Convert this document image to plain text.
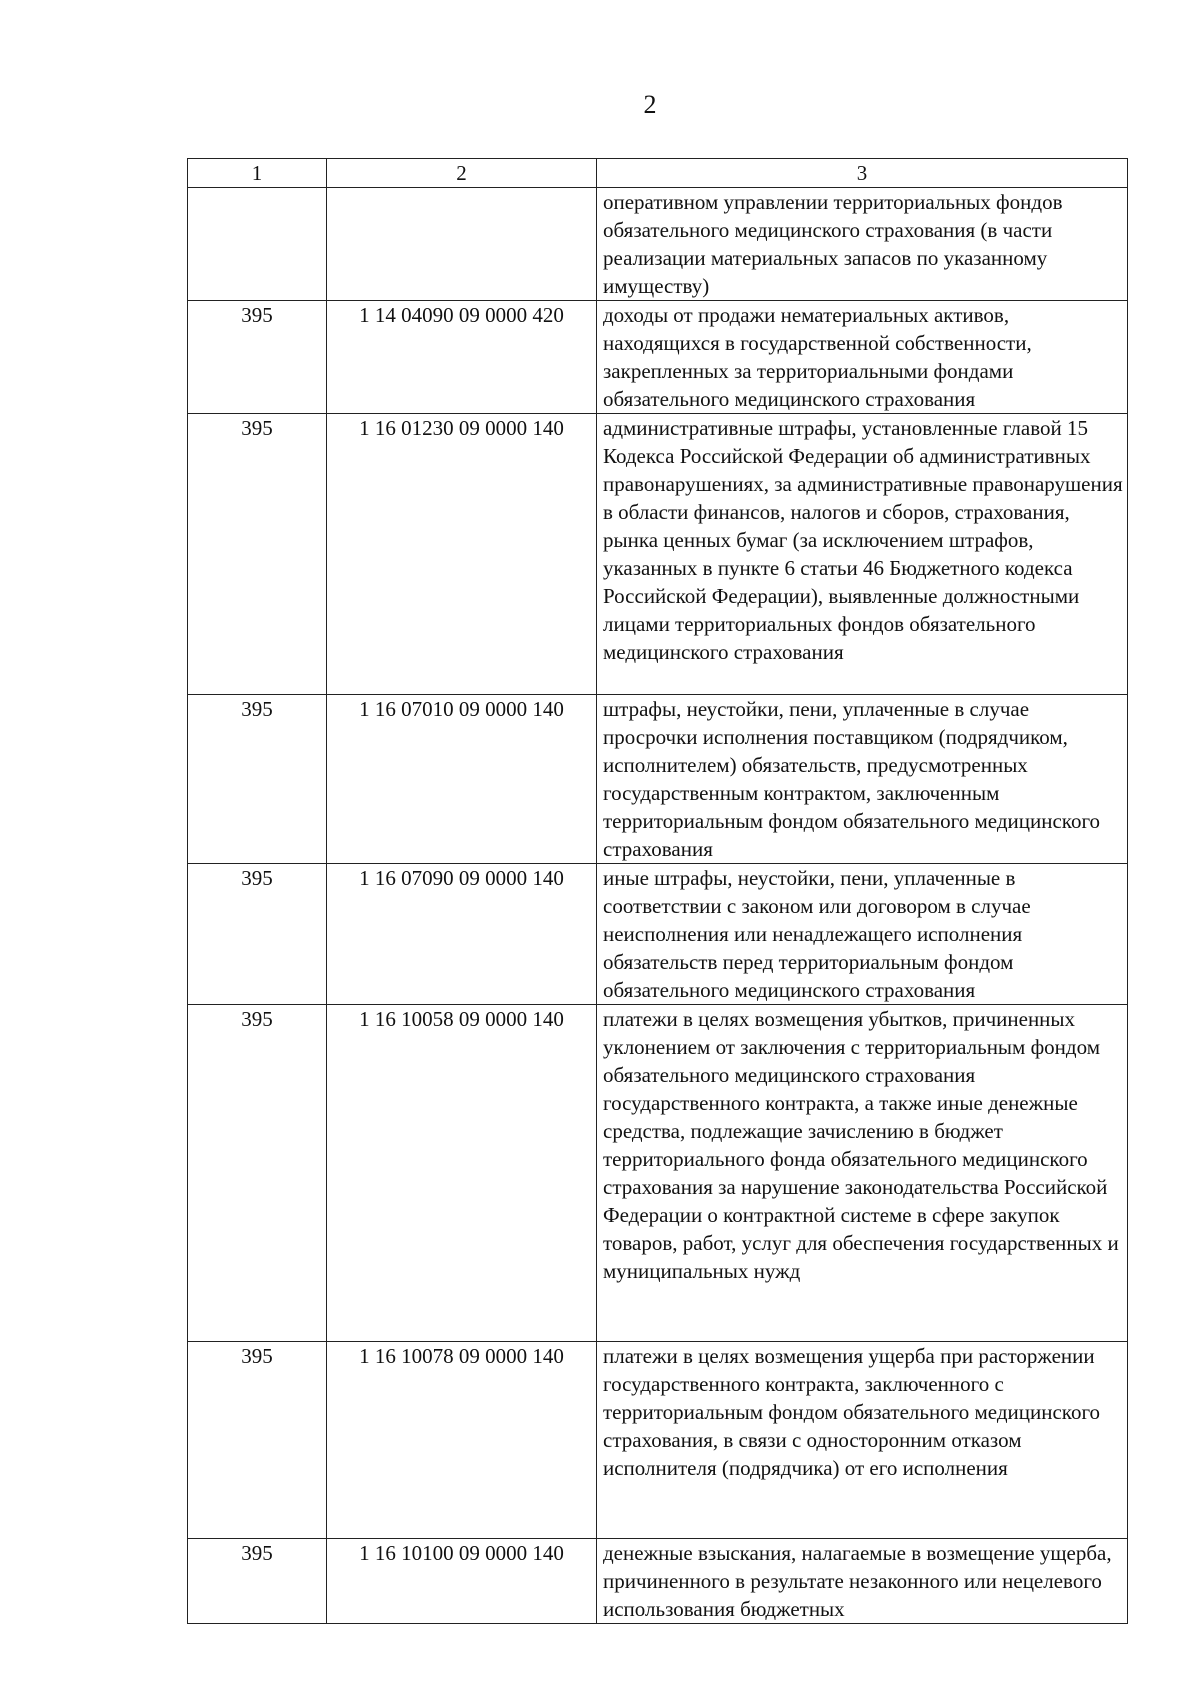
2
1	2	3
		оперативном управлении территориальных фондов обязательного медицинского страхования (в части реализации материальных запасов по указанному имуществу)
395	1 14 04090 09 0000 420	доходы от продажи нематериальных активов, находящихся в государственной собственности, закрепленных за территориальными фондами обязательного медицинского страхования
395	1 16 01230 09 0000 140	административные штрафы, установленные главой 15 Кодекса Российской Федерации об административных правонарушениях, за административные правонарушения в области финансов, налогов и сборов, страхования, рынка ценных бумаг (за исключением штрафов, указанных в пункте 6 статьи 46 Бюджетного кодекса Российской Федерации), выявленные должностными лицами территориальных фондов обязательного медицинского страхования
395	1 16 07010 09 0000 140	штрафы, неустойки, пени, уплаченные в случае просрочки исполнения поставщиком (подрядчиком, исполнителем) обязательств, предусмотренных государственным контрактом, заключенным территориальным фондом обязательного медицинского страхования
395	1 16 07090 09 0000 140	иные штрафы, неустойки, пени, уплаченные в соответствии с законом или договором в случае неисполнения или ненадлежащего исполнения обязательств перед территориальным фондом обязательного медицинского страхования
395	1 16 10058 09 0000 140	платежи в целях возмещения убытков, причиненных уклонением от заключения с территориальным фондом обязательного медицинского страхования государственного контракта, а также иные денежные средства, подлежащие зачислению в бюджет территориального фонда обязательного медицинского страхования за нарушение законодательства Российской Федерации о контрактной системе в сфере закупок товаров, работ, услуг для обеспечения государственных и муниципальных нужд
395	1 16 10078 09 0000 140	платежи в целях возмещения ущерба при расторжении государственного контракта, заключенного с территориальным фондом обязательного медицинского страхования, в связи с односторонним отказом исполнителя (подрядчика) от его исполнения
395	1 16 10100 09 0000 140	денежные взыскания, налагаемые в возмещение ущерба, причиненного в результате незаконного или нецелевого использования бюджетных
